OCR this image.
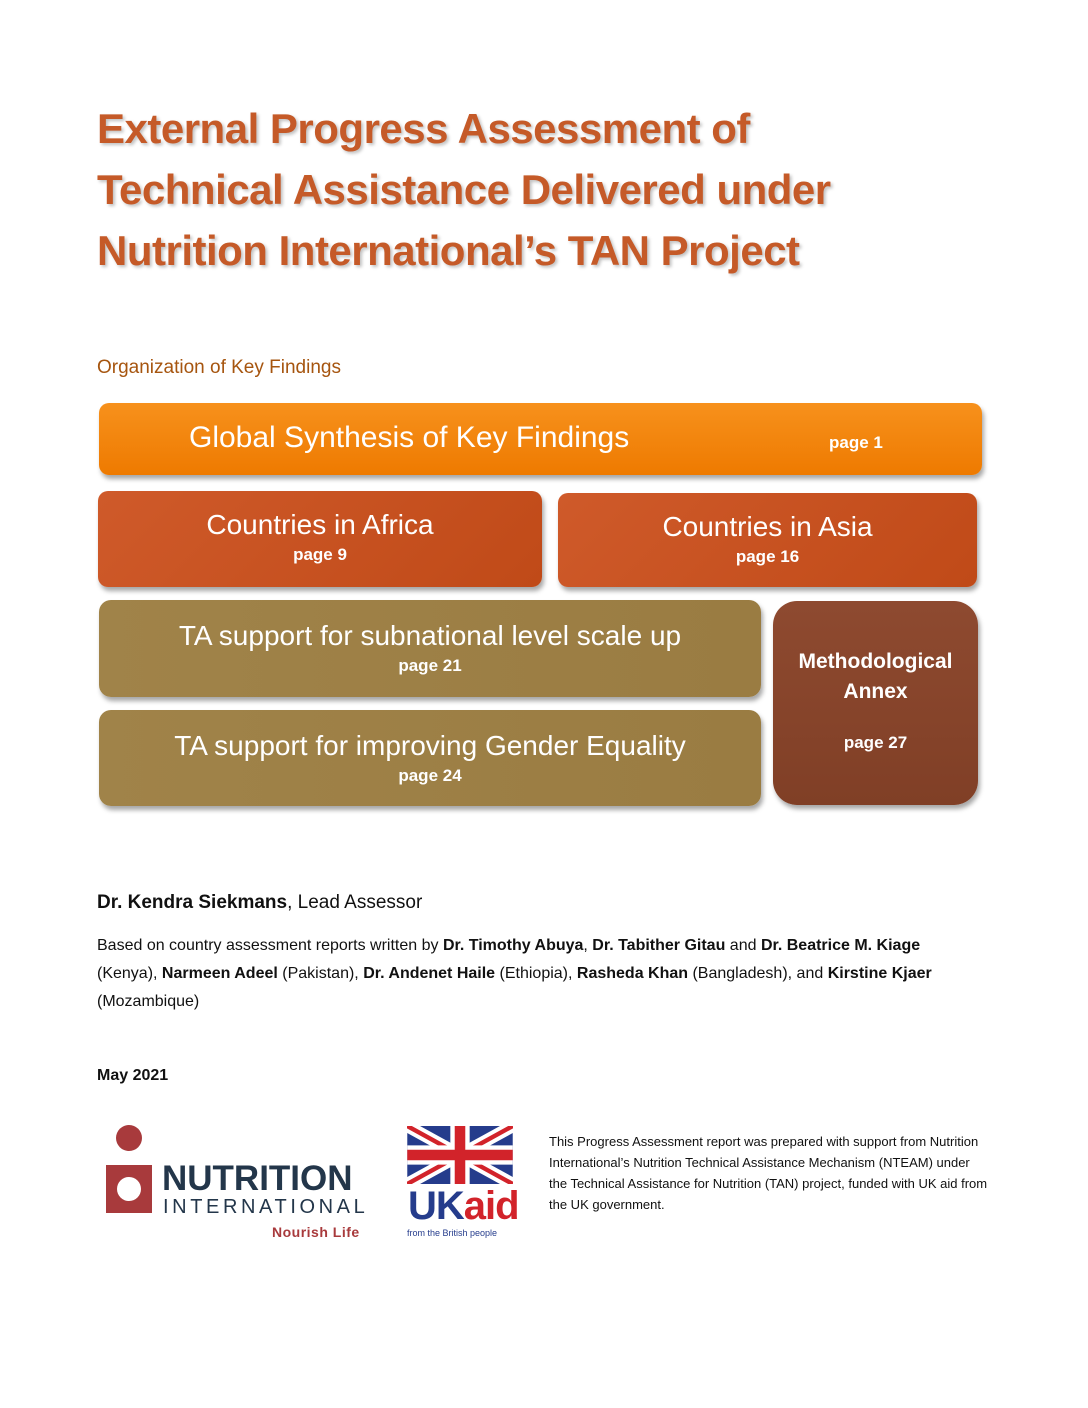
External Progress Assessment of
Technical Assistance Delivered under
Nutrition International’s TAN Project
Organization of Key Findings
Global Synthesis of Key Findings	page 1
Countries in Africa
page 9
Countries in Asia
page 16
TA support for subnational level scale up
page 21
TA support for improving Gender Equality
page 24
Methodological
Annex
page 27
Dr. Kendra Siekmans, Lead Assessor
Based on country assessment reports written by Dr. Timothy Abuya, Dr. Tabither Gitau and Dr. Beatrice M. Kiage (Kenya), Narmeen Adeel (Pakistan), Dr. Andenet Haile (Ethiopia), Rasheda Khan (Bangladesh), and Kirstine Kjaer (Mozambique)
May 2021
NUTRITION
INTERNATIONAL
Nourish Life
UKaid
from the British people
This Progress Assessment report was prepared with support from Nutrition International’s Nutrition Technical Assistance Mechanism (NTEAM) under the Technical Assistance for Nutrition (TAN) project, funded with UK aid from the UK government.
